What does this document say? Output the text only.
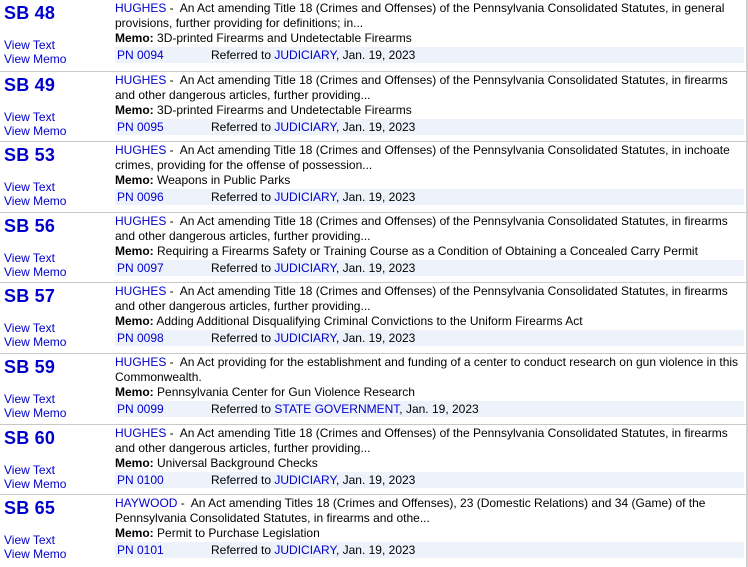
SB 48
View Text
View Memo
HUGHES -  An Act amending Title 18 (Crimes and Offenses) of the Pennsylvania Consolidated Statutes, in general provisions, further providing for definitions; in...
Memo: 3D-printed Firearms and Undetectable Firearms
PN 0094	Referred to JUDICIARY, Jan. 19, 2023
SB 49
View Text
View Memo
HUGHES -  An Act amending Title 18 (Crimes and Offenses) of the Pennsylvania Consolidated Statutes, in firearms and other dangerous articles, further providing...
Memo: 3D-printed Firearms and Undetectable Firearms
PN 0095	Referred to JUDICIARY, Jan. 19, 2023
SB 53
View Text
View Memo
HUGHES -  An Act amending Title 18 (Crimes and Offenses) of the Pennsylvania Consolidated Statutes, in inchoate crimes, providing for the offense of possession...
Memo: Weapons in Public Parks
PN 0096	Referred to JUDICIARY, Jan. 19, 2023
SB 56
View Text
View Memo
HUGHES -  An Act amending Title 18 (Crimes and Offenses) of the Pennsylvania Consolidated Statutes, in firearms and other dangerous articles, further providing...
Memo: Requiring a Firearms Safety or Training Course as a Condition of Obtaining a Concealed Carry Permit
PN 0097	Referred to JUDICIARY, Jan. 19, 2023
SB 57
View Text
View Memo
HUGHES -  An Act amending Title 18 (Crimes and Offenses) of the Pennsylvania Consolidated Statutes, in firearms and other dangerous articles, further providing...
Memo: Adding Additional Disqualifying Criminal Convictions to the Uniform Firearms Act
PN 0098	Referred to JUDICIARY, Jan. 19, 2023
SB 59
View Text
View Memo
HUGHES -  An Act providing for the establishment and funding of a center to conduct research on gun violence in this Commonwealth.
Memo: Pennsylvania Center for Gun Violence Research
PN 0099	Referred to STATE GOVERNMENT, Jan. 19, 2023
SB 60
View Text
View Memo
HUGHES -  An Act amending Title 18 (Crimes and Offenses) of the Pennsylvania Consolidated Statutes, in firearms and other dangerous articles, further providing...
Memo: Universal Background Checks
PN 0100	Referred to JUDICIARY, Jan. 19, 2023
SB 65
View Text
View Memo
HAYWOOD -  An Act amending Titles 18 (Crimes and Offenses), 23 (Domestic Relations) and 34 (Game) of the Pennsylvania Consolidated Statutes, in firearms and othe...
Memo: Permit to Purchase Legislation
PN 0101	Referred to JUDICIARY, Jan. 19, 2023
